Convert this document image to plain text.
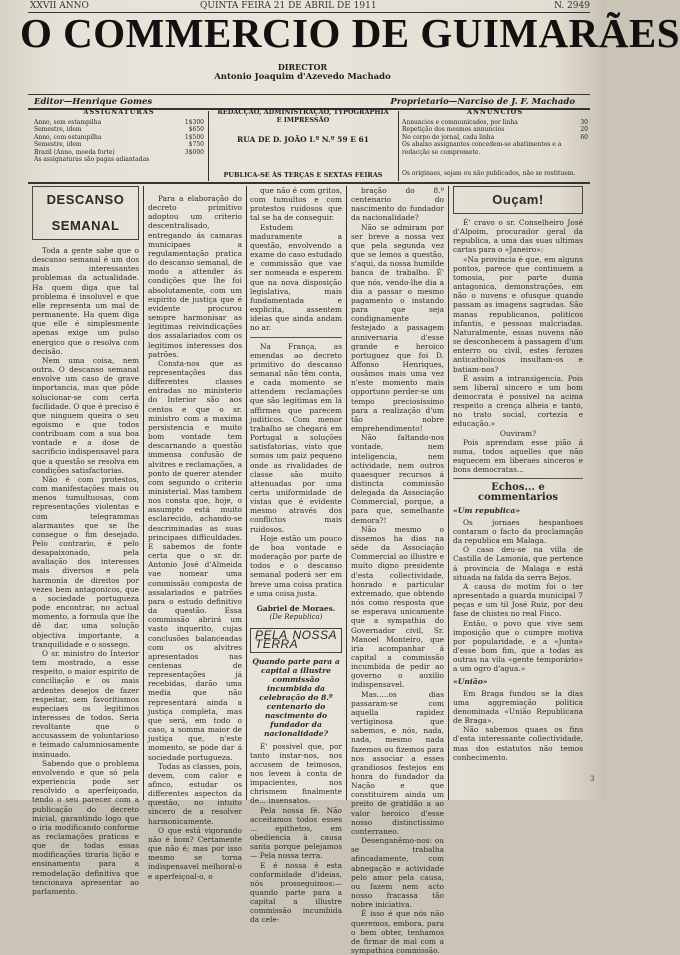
XXVII ANNO	QUINTA FEIRA 21 DE ABRIL DE 1911	N. 2949
O COMMERCIO DE GUIMARÃES
DIRECTOR
Antonio Joaquim d'Azevedo Machado
Editor—Henrique Gomes	Proprietario—Narciso de J. F. Machado
ASSIGNATURAS
Anno, sem estampilha	1$300
Semestre, idem	$650
Anno, com estampilha	1$500
Semestre, idem	$750
Brazil (Anno, moeda forte)	3$000
As assignaturas são pagas adiantadas
REDACÇÃO, ADMINISTRAÇÃO, TYPOGRAPHIA
E IMPRESSÃO
RUA DE D. JOÃO I.º N.º 59 E 61
PUBLICA-SE ÀS TERÇAS E SEXTAS FEIRAS
ANNUNCIOS
Annuncios e communicados, por linha	30
Repetição dos mesmos annuncios	20
No corpo do jornal, cada linha	60
Os abaixo assignantes concedem-se abatimentos e a redacção se compromete.
Os originaes, sejam ou não publicados, não se restituem.
DESCANSO SEMANAL

Toda a gente sabe que o descanso semanal é um dos mais interessantes problemas da actualidade. Ha quem diga que tal problema é insoluvel e que elle representa um mal de permanente. Ha quem diga que elle é simplesmente apenas exige um pulso energico que o resolva com decisão.

Nem uma coisa, nem outra. O descanso semanal envolve um caso de grave importancia, mas que pôde solucionar-se com certa facilidade. O que é preciso é que ninguem queira o seu egoismo e que todos contribuam com a sua boa vontade e a dose de sacrificio indispensavel para que a questão se resolva em condições satisfactorias.

Não é com protestos, com manifestações mais ou menos tumultuosas, com representações violentas e com telegrammas alarmantes que se lhe consegue o fim desejado. Pelo contrario, é pelo desapaixonado, pela avaliação dos interesses mais diversos e pela harmonia de direitos por vezes bem antagonicos, que a sociedade portugueza pode encontrar, no actual momento, a formula que lhe dê dar, uma solução objectiva importante, a tranquilidade e o sossego.

O sr. ministro do Interior tem mostrado, a esse respeito, o maior espirito de conciliação e os mais ardentes desejos de fazer respeitar, sem favoritismos especiaes os legitimos interesses de todos. Seria revoltante que o accusassem de voluntarioso e teimado calumniosamente insinuado.

Sabendo que o problema envolvendo e que só pela experiencia pode ser resolvido a aperfeiçoado, tendo o seu parecer com a publicação do decreto inicial, garantindo logo que o iria modificando conforme as reclamações praticas e que de todas essas modificações tiraria lição e ensinamento para a remodelação definitiva que tencionava apresentar ao parlamento.

Para a elaboração do decreto primitivo adoptou um criterio descentralisado, entregando ás camaras municipaes a regulamentação pratica do descanso semanal, de modo a attender ás condições que lhe foi absolutamente, com um espirito de justiça que é evidente procurou sempre harmonisar as legitimas reivindicações dos assalariados com os legitimos interesses dos patrões.

Consta-nos que as representações das differentes classes entradas no ministerio do Interior são aos centos e que o sr. ministro com a maxima persistencia e muito bom vontade tem descarnando a questão immensa confusão de alvitres e reclamações, a ponto de querer atender com segundo o criterio ministerial. Mas tambem nos consta que, hoje, o assumpto está muito esclarecido, achando-se descriminadas as suas principaes difficuldades. E sabemos de fonte certa que o sr. dr. Antonio José d'Almeida vae nomear uma commissão composta de assalariados e patrões para o estudo definitivo da questão. Essa commissão abrirá um vasto inquerito, cujas conclusões balanceadas com os alvitres apresentados nas centenas de representações já recebidas, darão uma media que não representará ainda a justiça completa, mas que será, em todo o caso, a somma maior de justiça que, n'este momento, se pode dar á sociedade portugueza.

Todas as classes, pois, devem, com calor e afinco, estudar os differentes aspectos da questão, no intuito sincero de a resolver harmonicamente.

O que está vigorando não é bom? Certamente que não é; mas por isso mesmo se torna indispensavel melhoral-o e aperfeiçoal-o, o

que não é com gritos, com tumultos e com protestos ruidosos que tal se ha de conseguir.

Estudem maduramente a questão, envolvendo a exame do caso estudado e commissão que vae ser nomeada e esperem que na nova disposição legislativa, mais fundamentada e explicita, assentem ideias que ainda andam no ar.

Na França, as emendas ao decreto primitivo do descanso semanal não têm conta, e cada momento se attendem reclamações que são legitimas em lá affirmes que parecem juditicos. Com menor trabalho se chegará em Portugal a soluções satisfatorias, visto que somos um paiz pequeno onde as rivalidades de classe são muito attenuadas por uma certa uniformidade de vistas que é evidente mesmo através dos conflictos mais ruidosos.

Hoje estão um pouco de boa vontade e moderação por parte de todos e o descanso semanal poderá ser em breve uma coisa pratica e uma coisa justa.

Gabriel de Moraes.
(De Republica)
PELA NOSSA TERRA
Quando parte para a capital a illustre commissão incumbida da celebração do 8.º centenario do nascimento do fundador da nacionalidade?

É' possivel que, por tanto instar-nos, nos accusem de teimosos, nos levem à conta de impacientes, nos chrismem finalmente de... insensatos.

Pela nossa fé. Não acceitamos todos esses ... epithetos, em obediencia à causa santa porque pelejamos — Pela nossa terra.

E é nossa é esta conformidade d'ideias, nós prosseguimos:—quando parte para a capital a illustre commissão incumbida da cele-

bração do 8.º centenario do nascimento do fundador da nacionalidade?

Não se admiram por ser breve a nossa vez que pela segunda vez que se lemos a questão, s'aqui, da nossa humilde banca de trabalho. É' que nós, vendo-lhe dia a dia a passar o mesmo pagamento o instando para que seja condignamente festejado a passagem anniversaria d'esse grande e heroico portuguez que foi D. Affonso Henriques, ousâmos mais uma vez n'este momento mais opportuno perder-se um tempo preciosissimo para a realização d'um tão nobre emprehendimento!

Não faltando-nos vontade, nem inteligencia, nem actividade, nem outros quaesquer recursos á distincta commissão delegada da Associação Commercial, porque, a para que, semelhante demora?!

Não mesmo o dissemos ha dias na séde da Associação Commercial ao illustre e muito digno presidente d'esta collectividade, honrado e particular extremado, que obtendo nós como resposta que se esperava unicamente que a sympathia do Governador civil, Sr. Manoel Monteiro, que iria acompanhar á capital a commissão incumbida de pedir ao governo o auxilio indispensavel.

Mas.....os dias passaram-se com aquella rapidez vertiginosa que sabemos, e nós, nada, nada, mesmo nada fazemos ou fizemos para nos associar a esses grandiosos festejos em honra do fundador da Nação e que constituirem ainda um preito de gratidão a ao valor heroico d'esse nosso distinctissimo conterraneo.

Desenganêmo-nos: ou se trabalha afincadamente, com abnegação e actividade pelo amor pela causa, ou fazem nem acto nosso fracassa tão nobre iniciativa.

É isso é que nós não queremos, embora, para o bem obter, tenhamos de firmar de mal com a sympathica commissão.

Ouçam!

É' cravo o sr. Conselheiro José d'Alpoim, procurador geral da republica, a uma das suas ultimas cartas para o «Janeiro»:

«Na provincia é que, em alguns pontos, parece que continuem a tomosia, por parte duma antagonica, demonstrações, em não o nuvens e ofusque quando passam as imagens sagradas. São manas republicanos, politicos infantis, e pessoas malcriadas. Naturalmente, essas nuvens não se desconhecem à passagem d'um enterro ou civil, estes ferozes anticatholicos insultam-os e batiam-nos?

É assim a intransigencia. Pois sem liberal sincero e um bom democrata é possivel na acima respeito a crença alheia e tanto, no trato social, cortezia e educação.»

Ouviram?

Pois aprendam esse pião á suma, todos aquelles que não esquecem em liberaes sinceros e bons democratas...

Echos... e commentarios
«Um republica»

Os jornaes hespanhoes contaram o facto da proclamação da republica em Malaga.

O caso deu-se na villa de Castilla de Lamonia, que pertence á provincia de Malaga e está situada na falda da serra Bejos.

A causa do motim foi o ter apresentado a guarda municipal 7 peças e um til José Ruiz, por deu fase de chistes no real Fisco.

Então, o povo que vive sem imposição que o cumpre motiva por popularidade, e a «Junta» d'esse bom fim, que a todas as outras na vila «gente temporário» a um ogro d'agua.»

«União»

Em Braga fundou se la dias uma aggremiação politica denominada «União Republicana de Braga».

Não sabemos quaes os fins d'esta interessante collectividade, mas dos estatutos não temos conhecimento.

3
